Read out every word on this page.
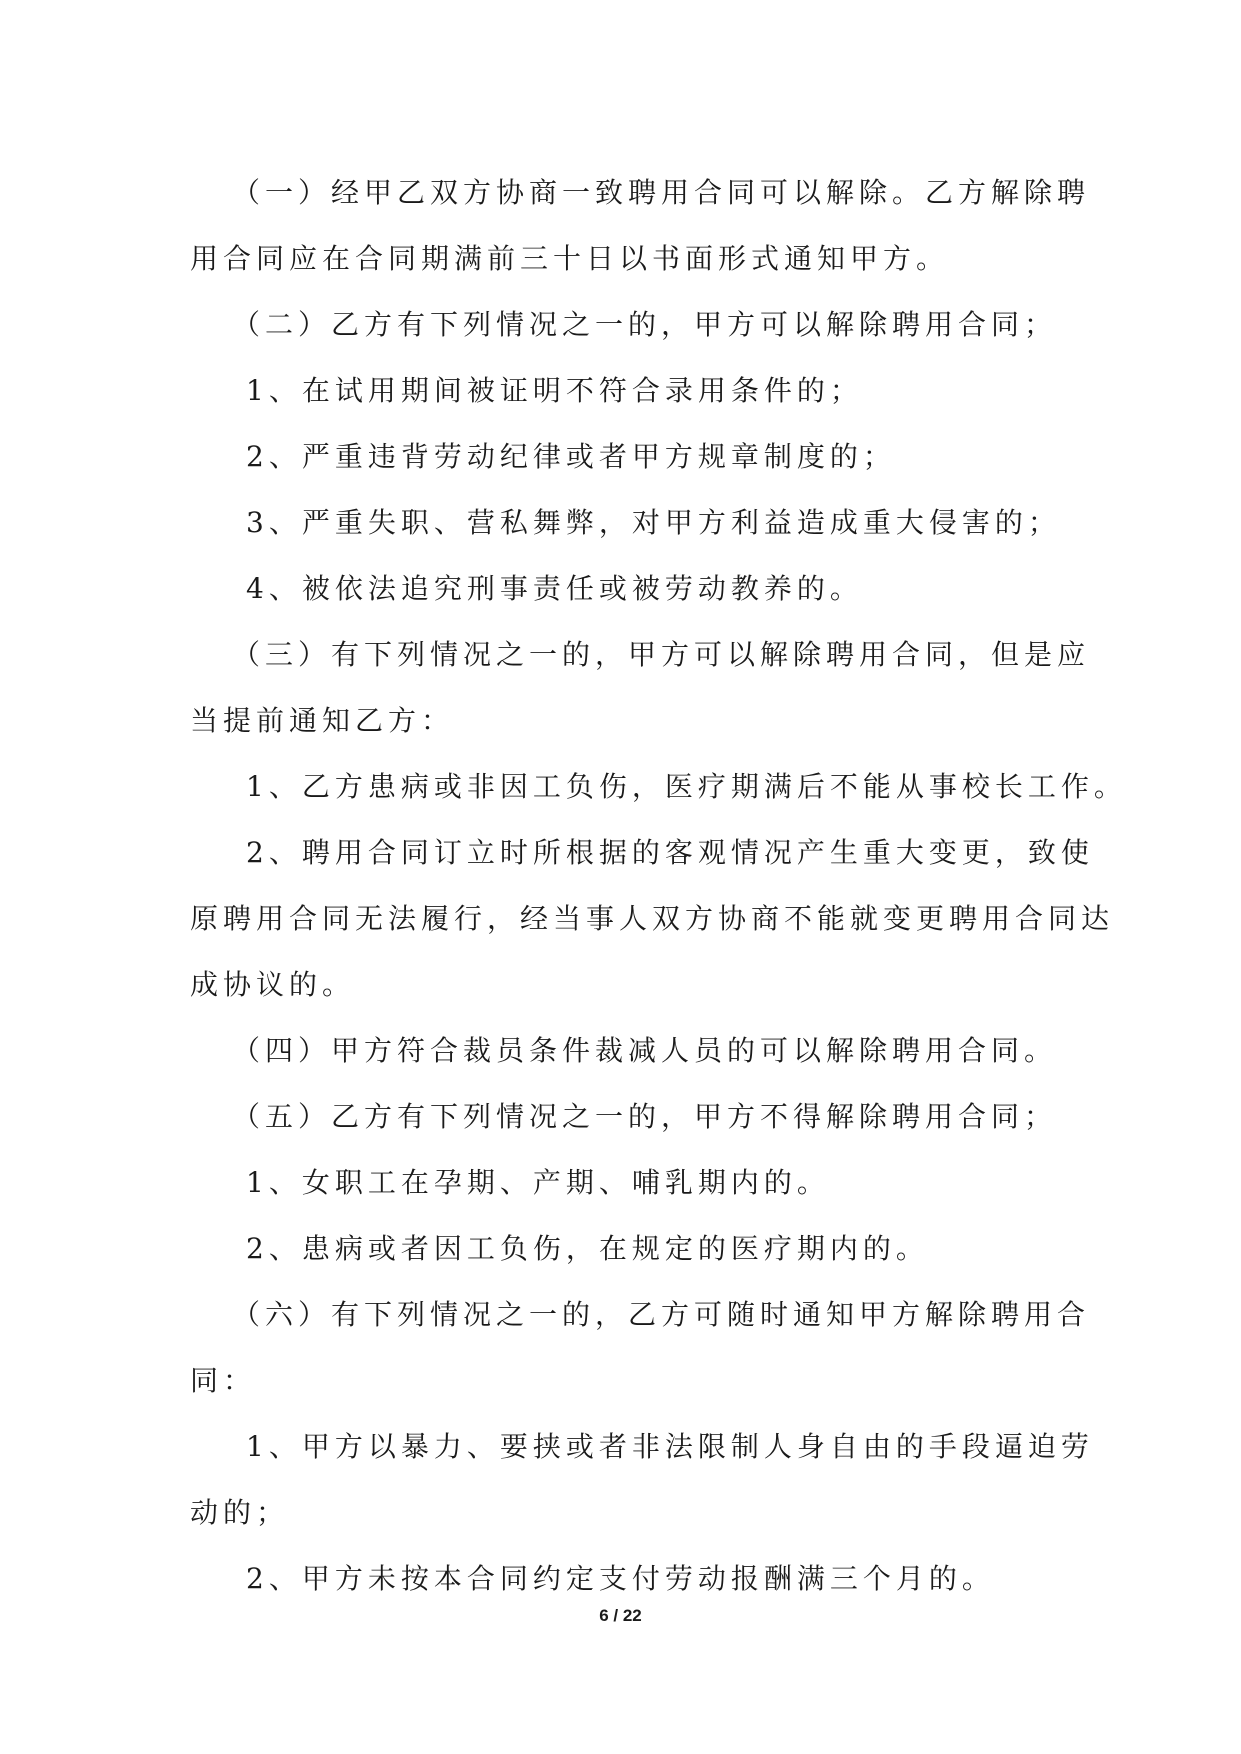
（一）经甲乙双方协商一致聘用合同可以解除。乙方解除聘
用合同应在合同期满前三十日以书面形式通知甲方。
（二）乙方有下列情况之一的，甲方可以解除聘用合同；
1、在试用期间被证明不符合录用条件的；
2、严重违背劳动纪律或者甲方规章制度的；
3、严重失职、营私舞弊，对甲方利益造成重大侵害的；
4、被依法追究刑事责任或被劳动教养的。
（三）有下列情况之一的，甲方可以解除聘用合同，但是应
当提前通知乙方：
1、乙方患病或非因工负伤，医疗期满后不能从事校长工作。
2、聘用合同订立时所根据的客观情况产生重大变更，致使
原聘用合同无法履行，经当事人双方协商不能就变更聘用合同达
成协议的。
（四）甲方符合裁员条件裁减人员的可以解除聘用合同。
（五）乙方有下列情况之一的，甲方不得解除聘用合同；
1、女职工在孕期、产期、哺乳期内的。
2、患病或者因工负伤，在规定的医疗期内的。
（六）有下列情况之一的，乙方可随时通知甲方解除聘用合
同：
1、甲方以暴力、要挟或者非法限制人身自由的手段逼迫劳
动的；
2、甲方未按本合同约定支付劳动报酬满三个月的。
6 / 22
